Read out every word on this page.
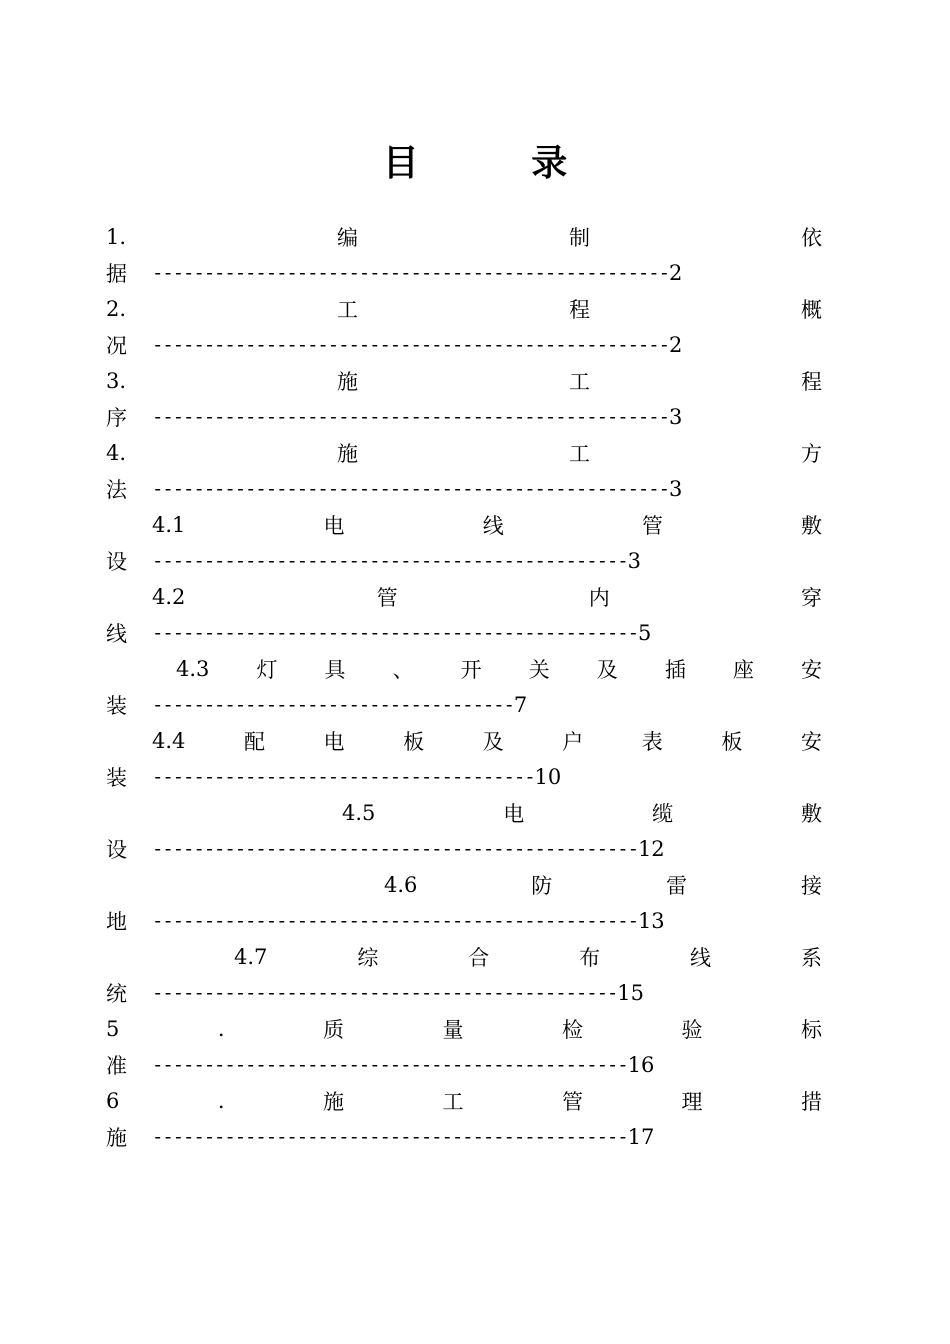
目 录
1.	编	制	依
据	-------------------------------------------------- 2
2.	工	程	概
况	-------------------------------------------------- 2
3.	施	工	程
序	-------------------------------------------------- 3
4.	施	工	方
法	-------------------------------------------------- 3
4.1	电	线	管	敷
设	---------------------------------------------- 3
4.2	管	内	穿
线	----------------------------------------------- 5
4.3 灯 具 、 开 关 及 插 座 安
装	----------------------------------- 7
4.4	配	电	板	及	户	表	板	安
装	------------------------------------- 10
4.5	电	缆	敷
设	----------------------------------------------- 12
4.6	防	雷	接
地	----------------------------------------------- 13
4.7	综	合	布	线	系
统	--------------------------------------------- 15
5	.	质	量	检	验	标
准	---------------------------------------------- 16
6	.	施	工	管	理	措
施	---------------------------------------------- 17
